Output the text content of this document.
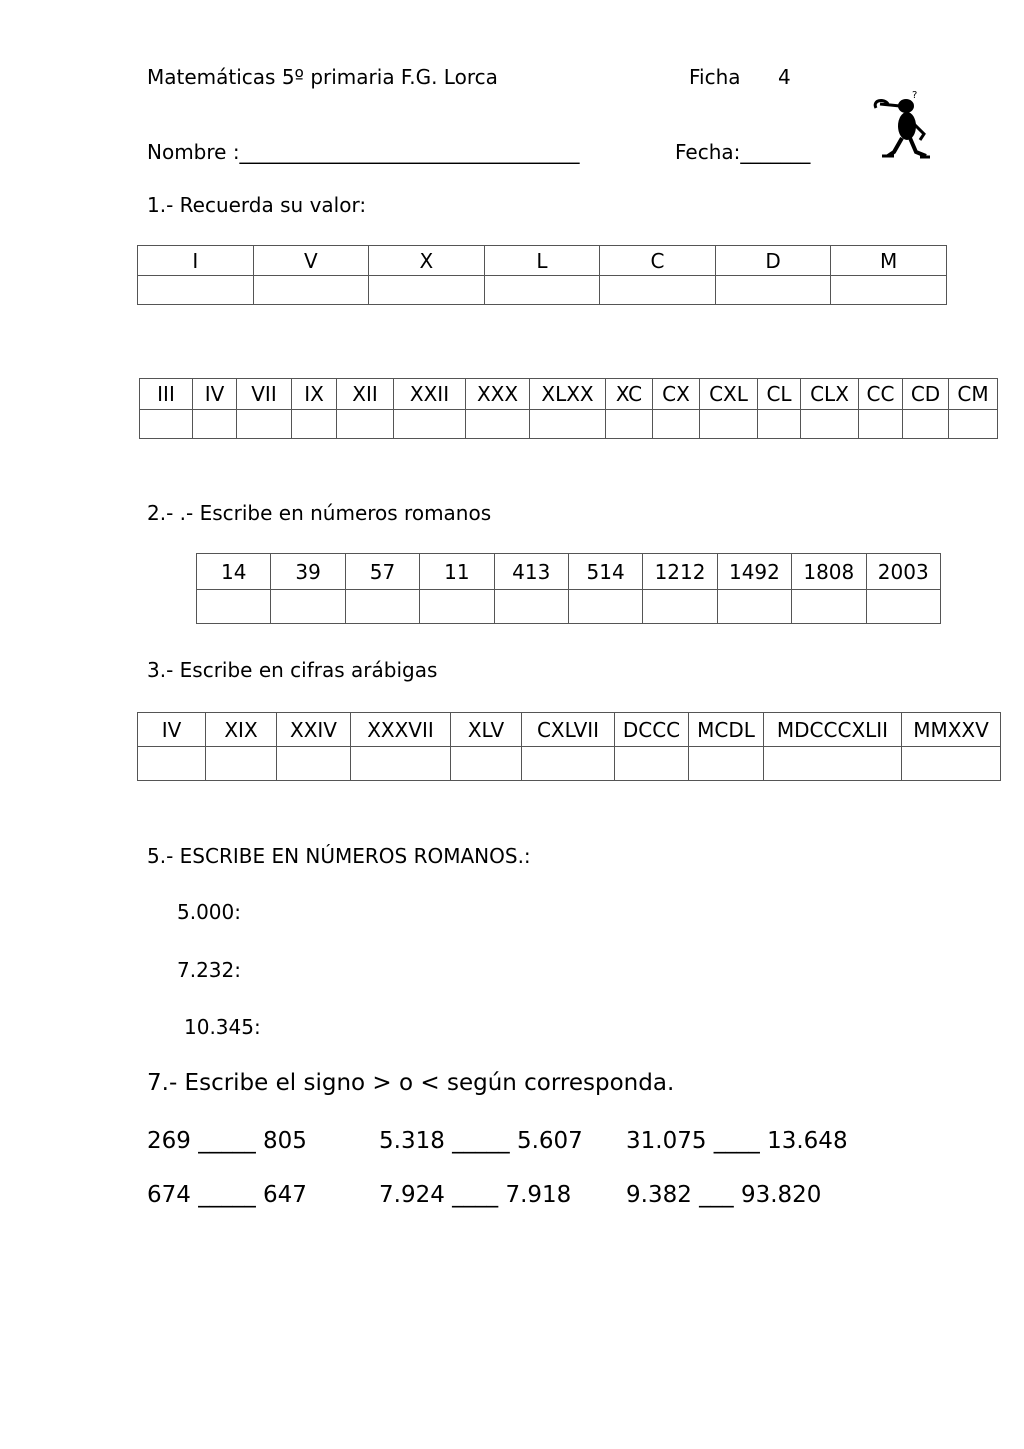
Matemáticas 5º primaria F.G. Lorca	Ficha 4
Nombre :__________________________________	Fecha:_______
?
1.- Recuerda su valor:
I	V	X	L	C	D	M

III	IV	VII	IX	XII	XXII	XXX	XLXX	XC	CX	CXL	CL	CLX	CC	CD	CM

2.- .- Escribe en números romanos
14	39	57	11	413	514	1212	1492	1808	2003

3.- Escribe en cifras arábigas
IV	XIX	XXIV	XXXVII	XLV	CXLVII	DCCC	MCDL	MDCCCXLII	MMXXV

5.- ESCRIBE EN NÚMEROS ROMANOS.:
5.000:
7.232:
10.345:
7.- Escribe el signo > o < según corresponda.
269 _____ 805	5.318 _____ 5.607 31.075 ____ 13.648
674 _____ 647	7.924 ____ 7.918 9.382 ___ 93.820
